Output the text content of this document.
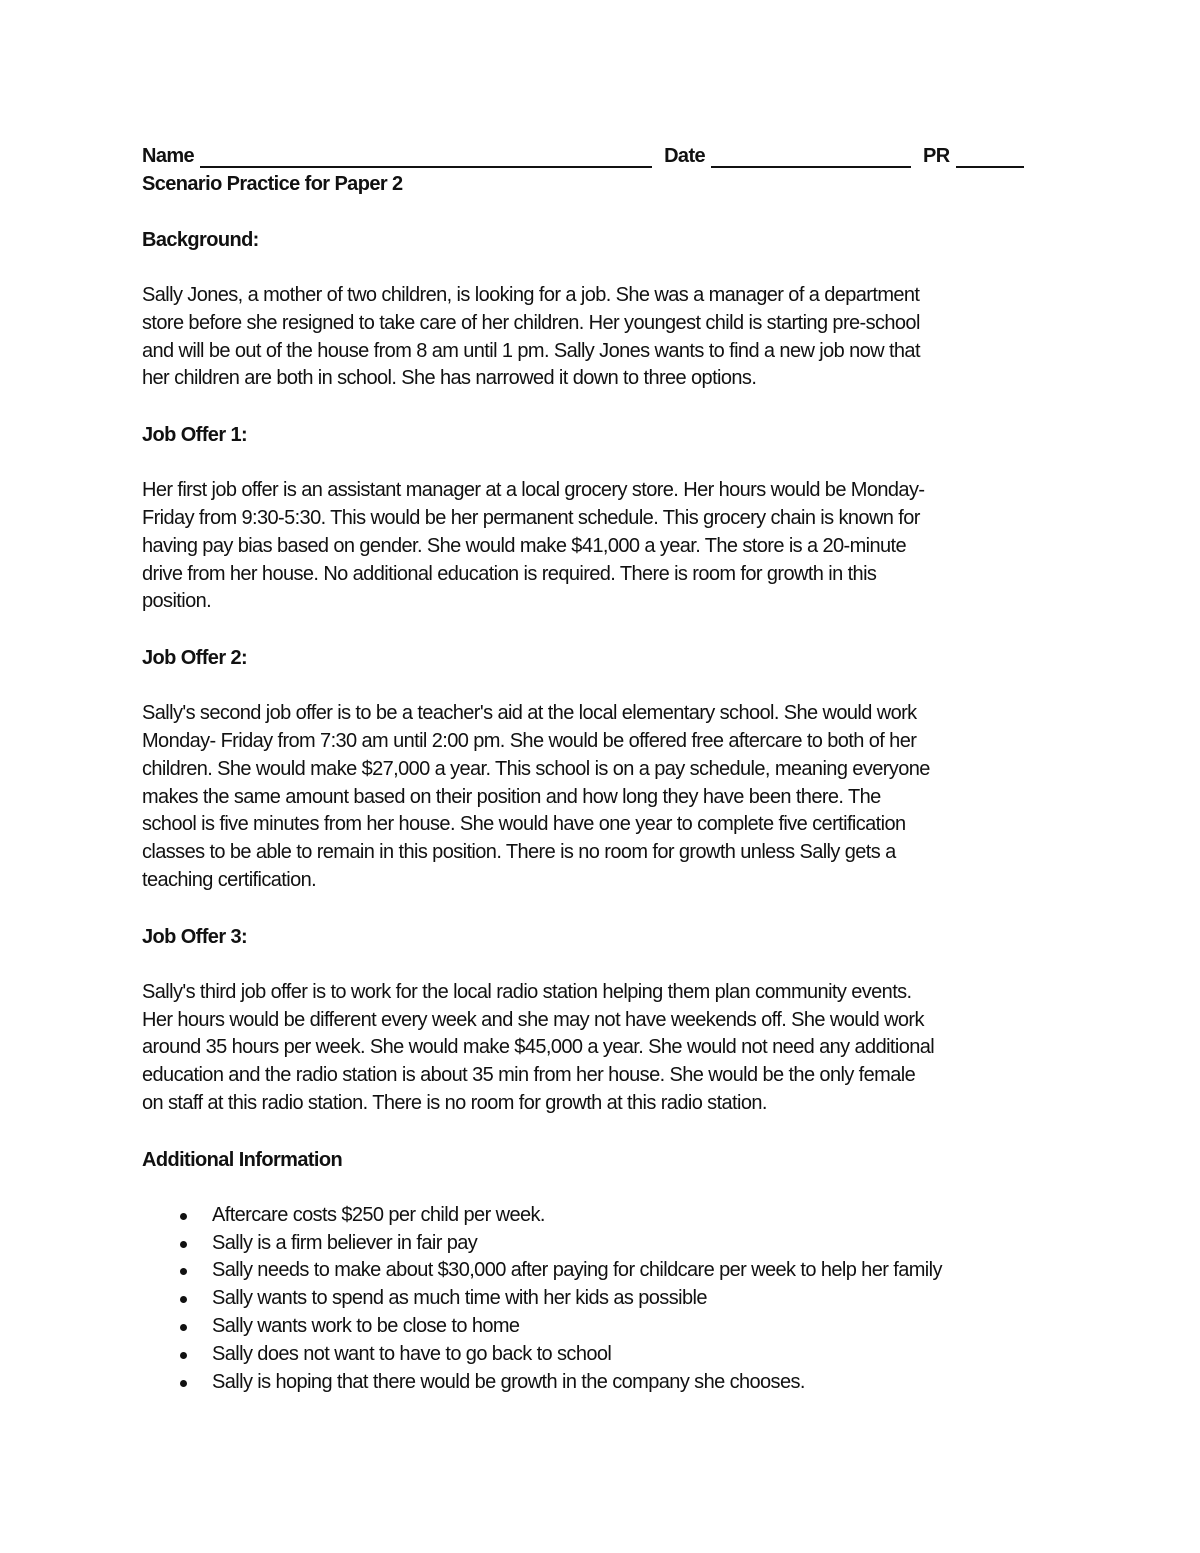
Name	Date	PR
Scenario Practice for Paper 2
Background:
Sally Jones, a mother of two children, is looking for a job. She was a manager of a department
store before she resigned to take care of her children. Her youngest child is starting pre-school
and will be out of the house from 8 am until 1 pm. Sally Jones wants to find a new job now that
her children are both in school. She has narrowed it down to three options.
Job Offer 1:
Her first job offer is an assistant manager at a local grocery store. Her hours would be Monday-
Friday from 9:30-5:30. This would be her permanent schedule. This grocery chain is known for
having pay bias based on gender. She would make $41,000 a year. The store is a 20-minute
drive from her house. No additional education is required. There is room for growth in this
position.
Job Offer 2:
Sally's second job offer is to be a teacher's aid at the local elementary school. She would work
Monday- Friday from 7:30 am until 2:00 pm. She would be offered free aftercare to both of her
children. She would make $27,000 a year. This school is on a pay schedule, meaning everyone
makes the same amount based on their position and how long they have been there. The
school is five minutes from her house. She would have one year to complete five certification
classes to be able to remain in this position. There is no room for growth unless Sally gets a
teaching certification.
Job Offer 3:
Sally's third job offer is to work for the local radio station helping them plan community events.
Her hours would be different every week and she may not have weekends off. She would work
around 35 hours per week. She would make $45,000 a year. She would not need any additional
education and the radio station is about 35 min from her house. She would be the only female
on staff at this radio station. There is no room for growth at this radio station.
Additional Information
Aftercare costs $250 per child per week.
Sally is a firm believer in fair pay
Sally needs to make about $30,000 after paying for childcare per week to help her family
Sally wants to spend as much time with her kids as possible
Sally wants work to be close to home
Sally does not want to have to go back to school
Sally is hoping that there would be growth in the company she chooses.
